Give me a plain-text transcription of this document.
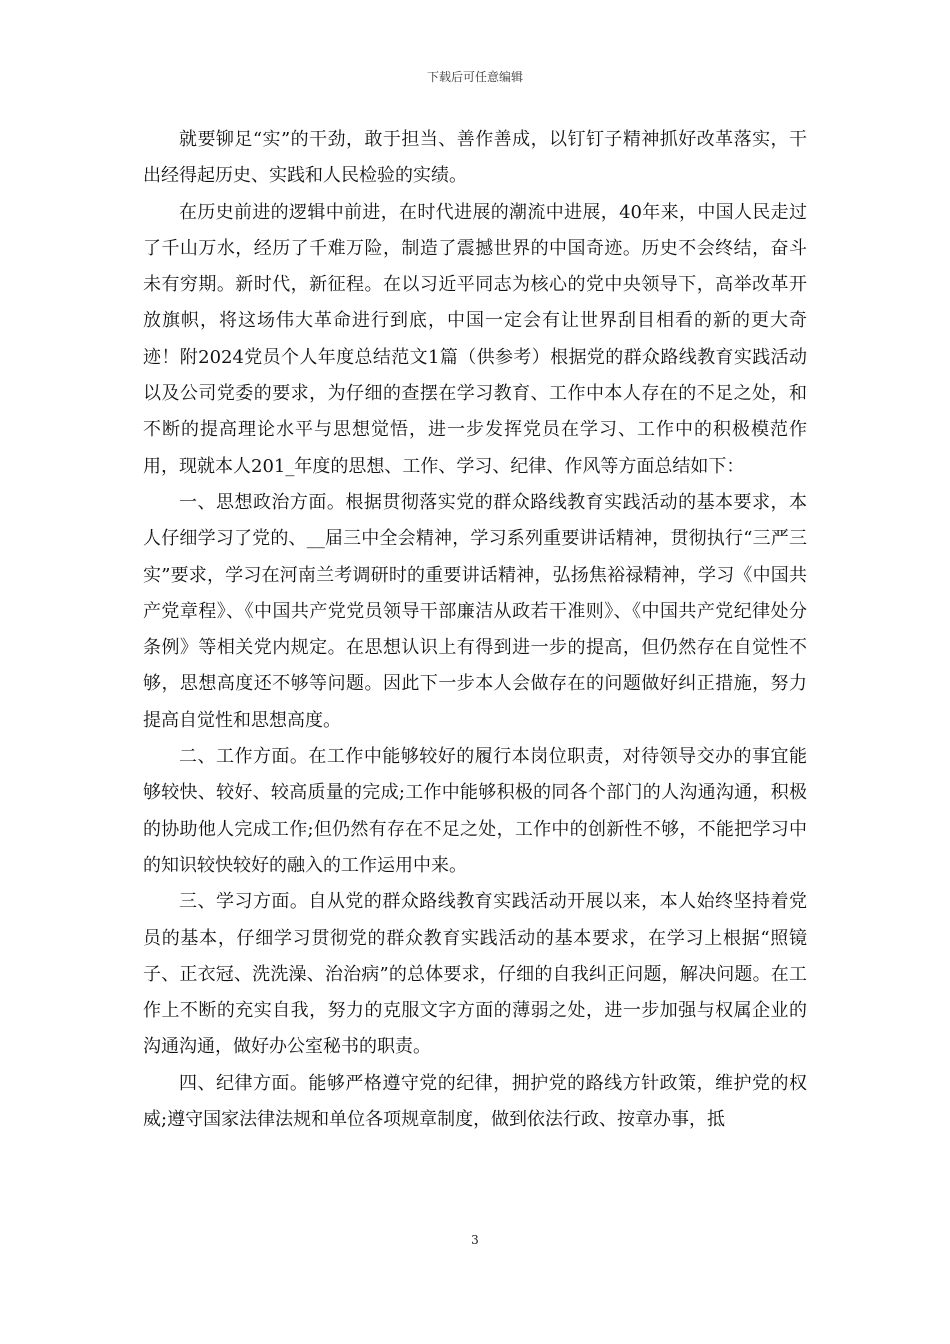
下载后可任意编辑

就要铆足“实”的干劲，敢于担当、善作善成，以钉钉子精神抓好改革落实，干出经得起历史、实践和人民检验的实绩。

在历史前进的逻辑中前进，在时代进展的潮流中进展，40年来，中国人民走过了千山万水，经历了千难万险，制造了震撼世界的中国奇迹。历史不会终结，奋斗未有穷期。新时代，新征程。在以习近平同志为核心的党中央领导下，高举改革开放旗帜，将这场伟大革命进行到底，中国一定会有让世界刮目相看的新的更大奇迹！附2024党员个人年度总结范文1篇（供参考）根据党的群众路线教育实践活动以及公司党委的要求，为仔细的查摆在学习教育、工作中本人存在的不足之处，和不断的提高理论水平与思想觉悟，进一步发挥党员在学习、工作中的积极模范作用，现就本人201_年度的思想、工作、学习、纪律、作风等方面总结如下：

一、思想政治方面。根据贯彻落实党的群众路线教育实践活动的基本要求，本人仔细学习了党的、__届三中全会精神，学习系列重要讲话精神，贯彻执行“三严三实”要求，学习在河南兰考调研时的重要讲话精神，弘扬焦裕禄精神，学习《中国共产党章程》、《中国共产党党员领导干部廉洁从政若干准则》、《中国共产党纪律处分条例》等相关党内规定。在思想认识上有得到进一步的提高，但仍然存在自觉性不够，思想高度还不够等问题。因此下一步本人会做存在的问题做好纠正措施，努力提高自觉性和思想高度。

二、工作方面。在工作中能够较好的履行本岗位职责，对待领导交办的事宜能够较快、较好、较高质量的完成;工作中能够积极的同各个部门的人沟通沟通，积极的协助他人完成工作;但仍然有存在不足之处，工作中的创新性不够，不能把学习中的知识较快较好的融入的工作运用中来。

三、学习方面。自从党的群众路线教育实践活动开展以来，本人始终坚持着党员的基本，仔细学习贯彻党的群众教育实践活动的基本要求，在学习上根据“照镜子、正衣冠、洗洗澡、治治病”的总体要求，仔细的自我纠正问题，解决问题。在工作上不断的充实自我，努力的克服文字方面的薄弱之处，进一步加强与权属企业的沟通沟通，做好办公室秘书的职责。

四、纪律方面。能够严格遵守党的纪律，拥护党的路线方针政策，维护党的权威;遵守国家法律法规和单位各项规章制度，做到依法行政、按章办事，抵

3
